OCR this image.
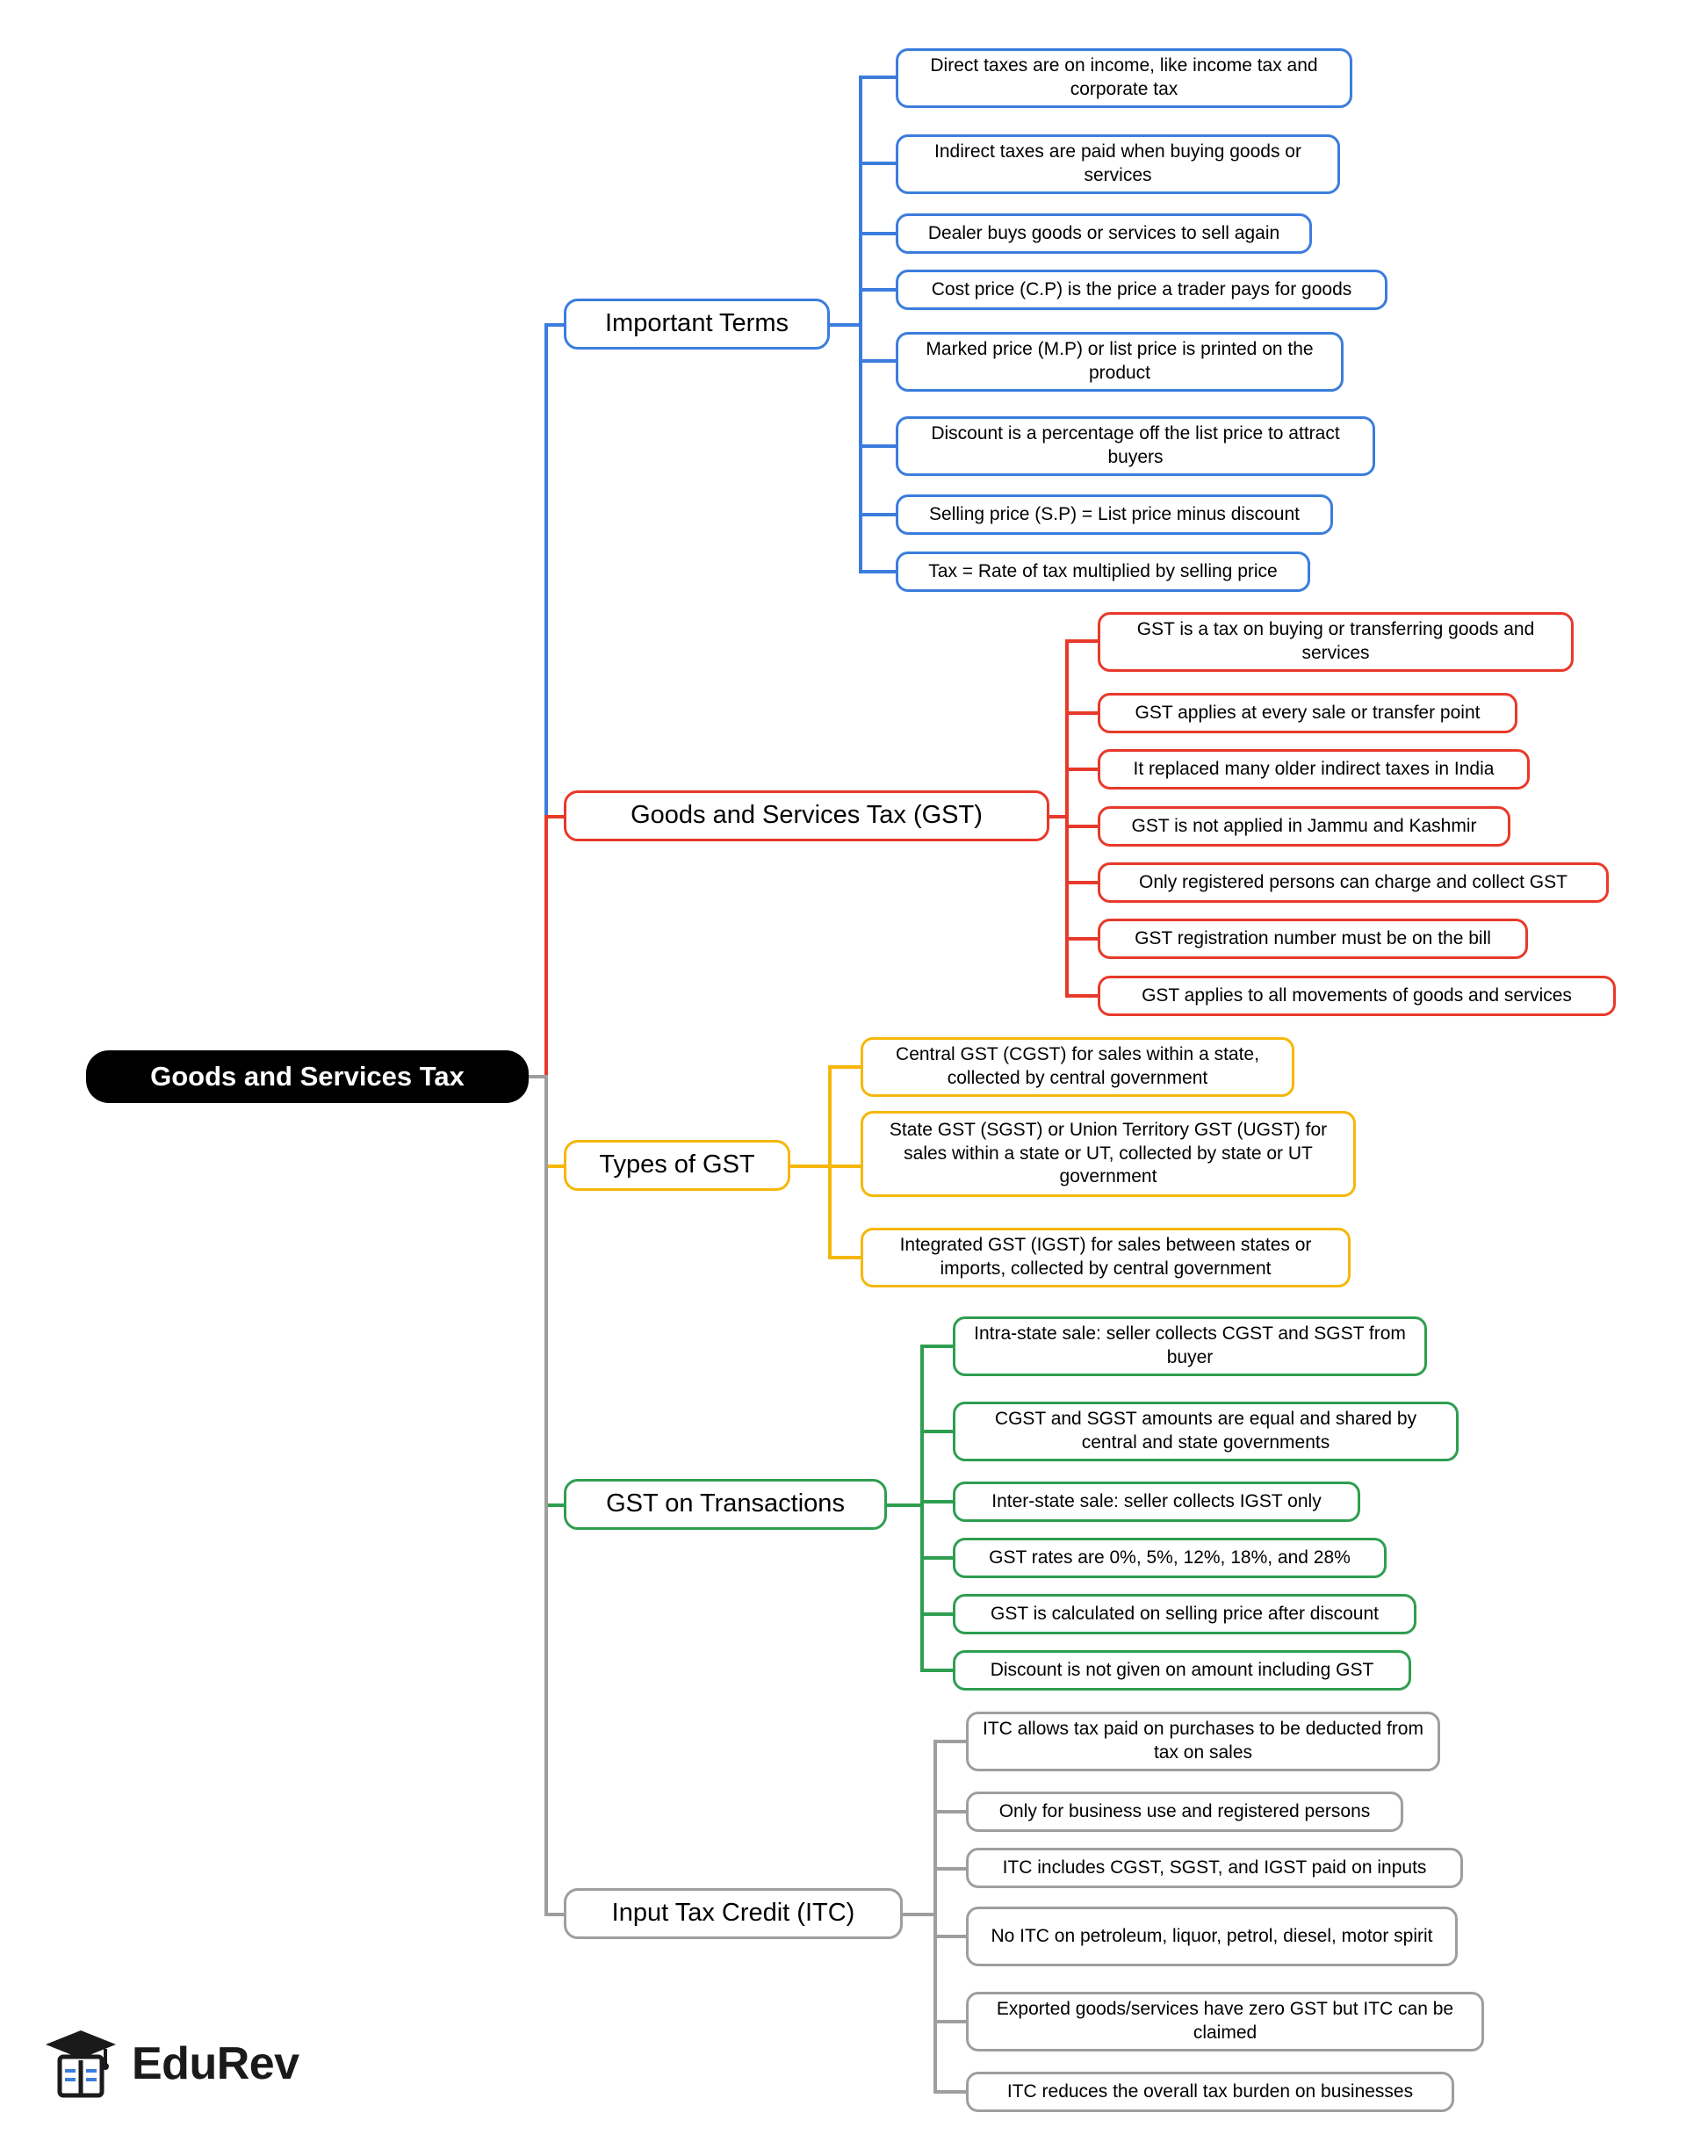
Goods and Services Tax
Important Terms
Direct taxes are on income, like income tax and corporate tax
Indirect taxes are paid when buying goods or services
Dealer buys goods or services to sell again
Cost price (C.P) is the price a trader pays for goods
Marked price (M.P) or list price is printed on the product
Discount is a percentage off the list price to attract buyers
Selling price (S.P) = List price minus discount
Tax = Rate of tax multiplied by selling price
Goods and Services Tax (GST)
GST is a tax on buying or transferring goods and services
GST applies at every sale or transfer point
It replaced many older indirect taxes in India
GST is not applied in Jammu and Kashmir
Only registered persons can charge and collect GST
GST registration number must be on the bill
GST applies to all movements of goods and services
Types of GST
Central GST (CGST) for sales within a state, collected by central government
State GST (SGST) or Union Territory GST (UGST) for sales within a state or UT, collected by state or UT government
Integrated GST (IGST) for sales between states or imports, collected by central government
GST on Transactions
Intra-state sale: seller collects CGST and SGST from buyer
CGST and SGST amounts are equal and shared by central and state governments
Inter-state sale: seller collects IGST only
GST rates are 0%, 5%, 12%, 18%, and 28%
GST is calculated on selling price after discount
Discount is not given on amount including GST
Input Tax Credit (ITC)
ITC allows tax paid on purchases to be deducted from tax on sales
Only for business use and registered persons
ITC includes CGST, SGST, and IGST paid on inputs
No ITC on petroleum, liquor, petrol, diesel, motor spirit
Exported goods/services have zero GST but ITC can be claimed
ITC reduces the overall tax burden on businesses
EduRev
